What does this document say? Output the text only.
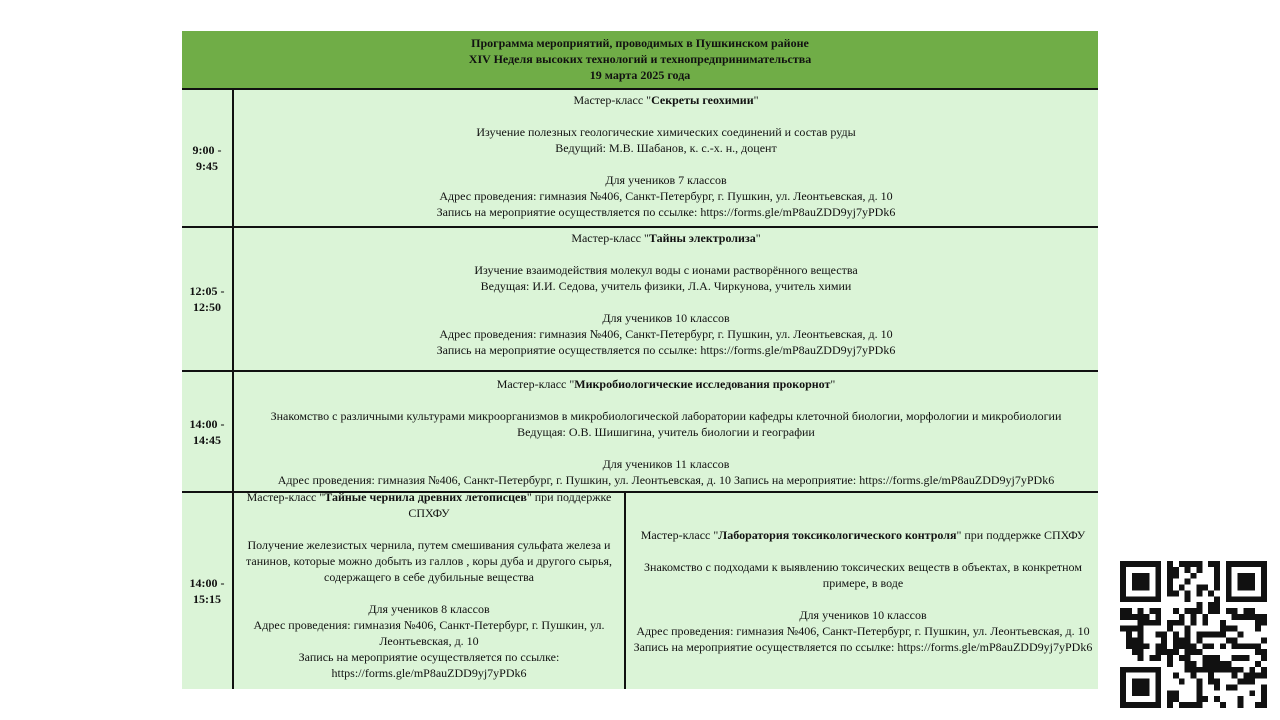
Программа мероприятий, проводимых в Пушкинском районе
XIV Неделя высоких технологий и технопредпринимательства
19 марта 2025 года
9:00 -
9:45

Мастер-класс "Секреты геохимии"

Изучение полезных геологические химических соединений и состав руды

Ведущий: М.В. Шабанов, к. с.-х. н., доцент

Для учеников 7 классов

Адрес проведения: гимназия №406, Санкт-Петербург, г. Пушкин, ул. Леонтьевская, д. 10

Запись на мероприятие осуществляется по ссылке: https://forms.gle/mP8auZDD9yj7yPDk6

12:05 -
12:50

Мастер-класс "Тайны электролиза"

Изучение взаимодействия молекул воды с ионами растворённого вещества

Ведущая: И.И. Седова, учитель физики, Л.А. Чиркунова, учитель химии

Для учеников 10 классов

Адрес проведения: гимназия №406, Санкт-Петербург, г. Пушкин, ул. Леонтьевская, д. 10

Запись на мероприятие осуществляется по ссылке: https://forms.gle/mP8auZDD9yj7yPDk6

14:00 -
14:45

Мастер-класс "Микробиологические исследования прокорнот"

Знакомство с различными культурами микроорганизмов в микробиологической лаборатории кафедры клеточной биологии, морфологии и микробиологии

Ведущая: О.В. Шишигина, учитель биологии и географии

Для учеников 11 классов

Адрес проведения: гимназия №406, Санкт-Петербург, г. Пушкин, ул. Леонтьевская, д. 10 Запись на мероприятие: https://forms.gle/mP8auZDD9yj7yPDk6

14:00 -
15:15

Мастер-класс "Тайные чернила древних летописцев" при поддержке СПХФУ

Получение железистых чернила, путем смешивания сульфата железа и танинов, которые можно добыть из галлов , коры дуба и другого сырья, содержащего в себе дубильные вещества

Для учеников 8 классов

Адрес проведения: гимназия №406, Санкт-Петербург, г. Пушкин, ул. Леонтьевская, д. 10

Запись на мероприятие осуществляется по ссылке: https://forms.gle/mP8auZDD9yj7yPDk6

Мастер-класс "Лаборатория токсикологического контроля" при поддержке СПХФУ

Знакомство с подходами к выявлению токсических веществ в объектах, в конкретном примере, в воде

Для учеников 10 классов

Адрес проведения: гимназия №406, Санкт-Петербург, г. Пушкин, ул. Леонтьевская, д. 10

Запись на мероприятие осуществляется по ссылке: https://forms.gle/mP8auZDD9yj7yPDk6
